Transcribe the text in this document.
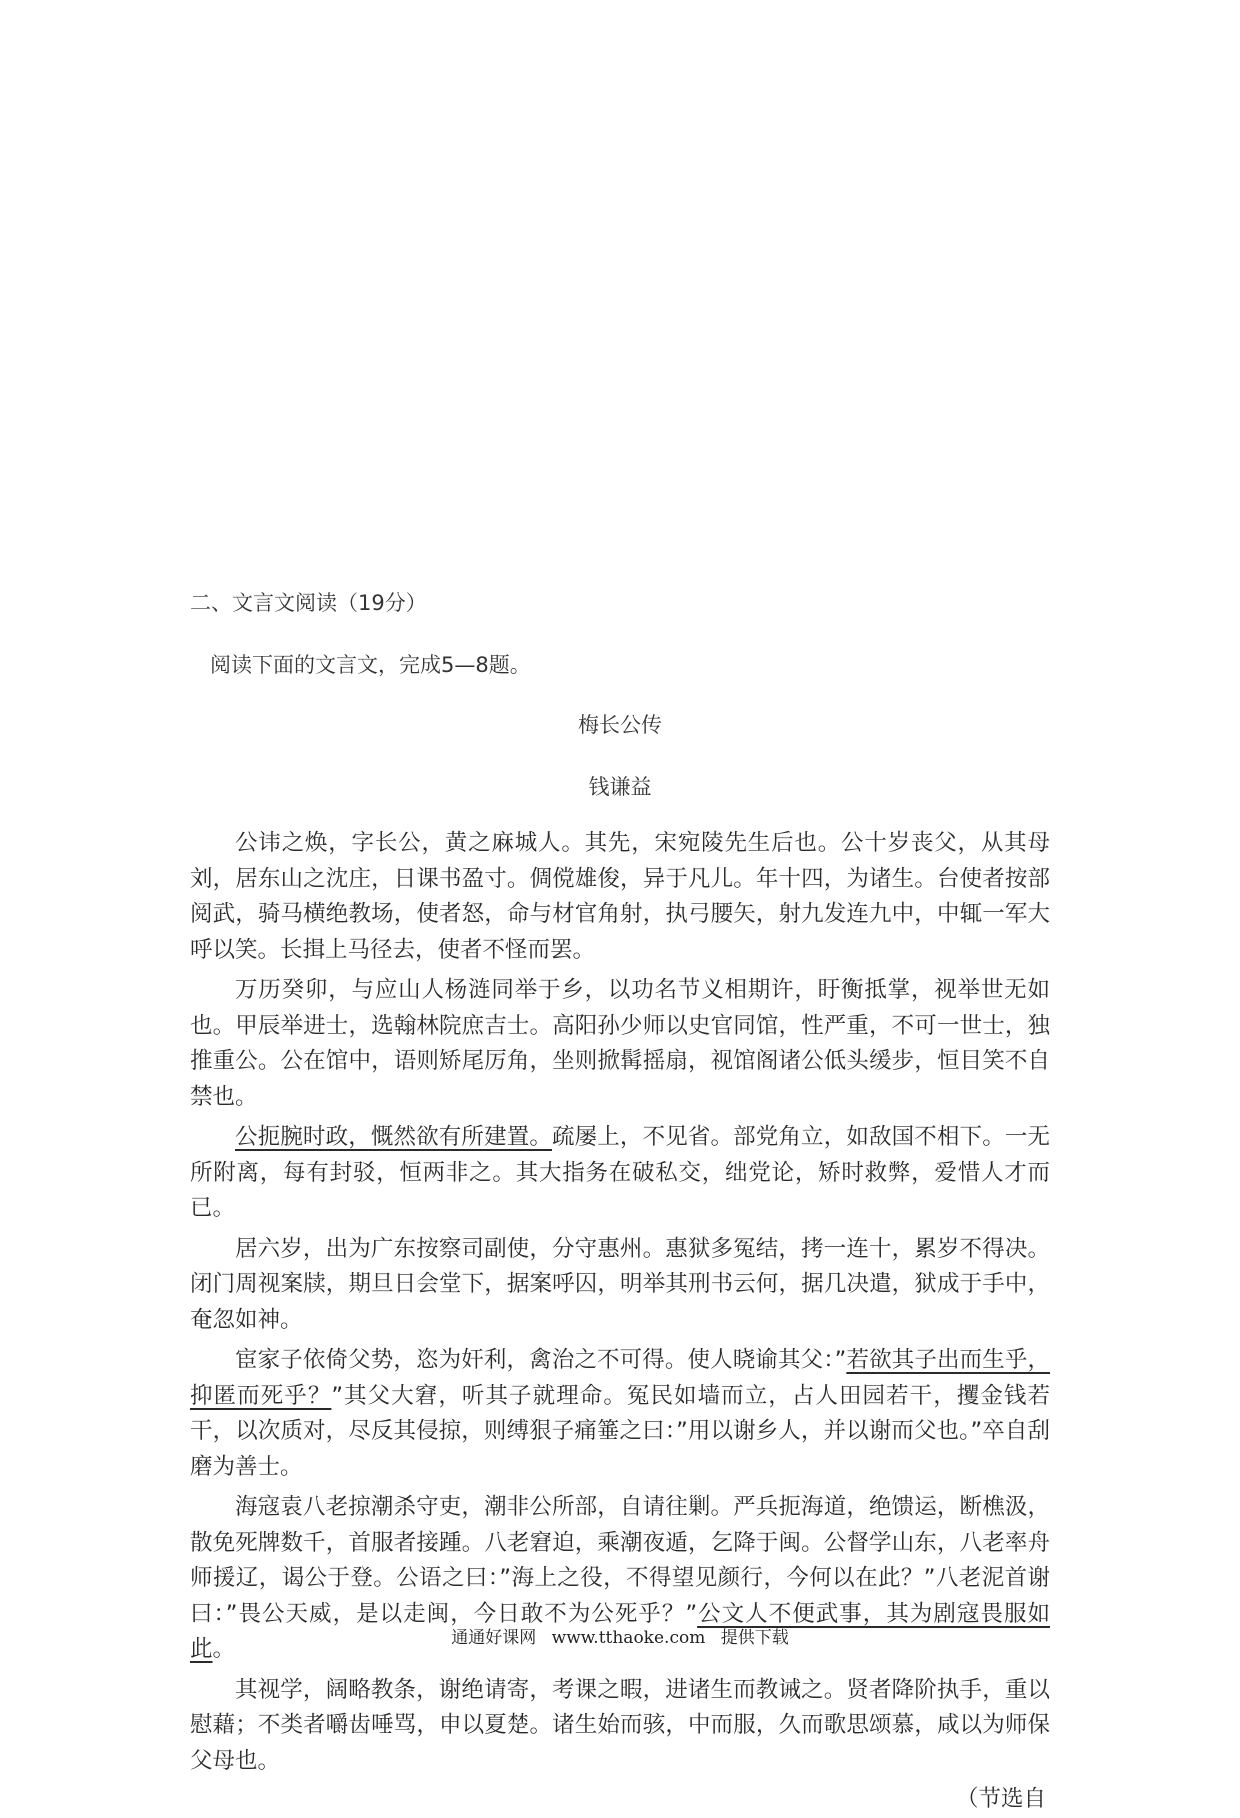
二、文言文阅读（19分）
阅读下面的文言文，完成5—8题。
梅长公传
钱谦益

公讳之焕，字长公，黄之麻城人。其先，宋宛陵先生后也。公十岁丧父，从其母刘，居东山之沈庄，日课书盈寸。倜傥雄俊，异于凡儿。年十四，为诸生。台使者按部阅武，骑马横绝教场，使者怒，命与材官角射，执弓腰矢，射九发连九中，中辄一军大呼以笑。长揖上马径去，使者不怪而罢。

万历癸卯，与应山人杨涟同举于乡，以功名节义相期许，盱衡抵掌，视举世无如也。甲辰举进士，选翰林院庶吉士。高阳孙少师以史官同馆，性严重，不可一世士，独推重公。公在馆中，语则矫尾厉角，坐则掀髯摇扇，视馆阁诸公低头缓步，恒目笑不自禁也。

公扼腕时政，慨然欲有所建置。疏屡上，不见省。部党角立，如敌国不相下。一无所附离，每有封驳，恒两非之。其大指务在破私交，绌党论，矫时救弊，爱惜人才而已。

居六岁，出为广东按察司副使，分守惠州。惠狱多冤结，拷一连十，累岁不得决。闭门周视案牍，期旦日会堂下，据案呼囚，明举其刑书云何，据几决遣，狱成于手中，奄忽如神。

宦家子依倚父势，恣为奸利，禽治之不可得。使人晓谕其父：”若欲其子出而生乎，抑匿而死乎？”其父大窘，听其子就理命。冤民如墙而立，占人田园若干，攫金钱若干，以次质对，尽反其侵掠，则缚狠子痛箠之曰：”用以谢乡人，并以谢而父也。”卒自刮磨为善士。

海寇袁八老掠潮杀守吏，潮非公所部，自请往剿。严兵扼海道，绝馈运，断樵汲，散免死牌数千，首服者接踵。八老窘迫，乘潮夜遁，乞降于闽。公督学山东，八老率舟师援辽，谒公于登。公语之曰：”海上之役，不得望见颜行，今何以在此？”八老泥首谢曰：”畏公天威，是以走闽，今日敢不为公死乎？”公文人不便武事，其为剧寇畏服如此。

其视学，阔略教条，谢绝请寄，考课之暇，进诸生而教诫之。贤者降阶执手，重以慰藉；不类者嚼齿唾骂，申以夏楚。诸生始而骇，中而服，久而歌思颂慕，咸以为师保父母也。

（节选自
通通好课网 www.tthaoke.com 提供下载
